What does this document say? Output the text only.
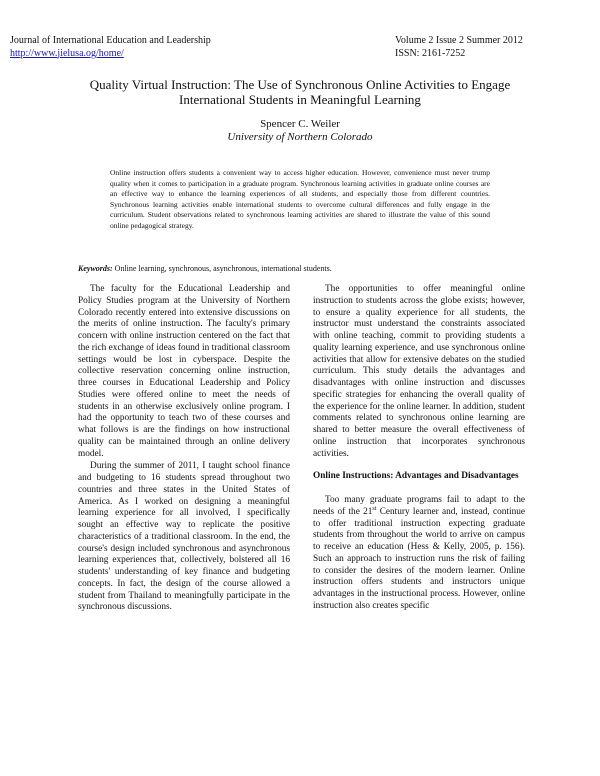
Journal of International Education and Leadership
http://www.jielusa.og/home/
Volume 2 Issue 2 Summer 2012
ISSN: 2161-7252
Quality Virtual Instruction: The Use of Synchronous Online Activities to Engage
International Students in Meaningful Learning
Spencer C. Weiler
University of Northern Colorado
Online instruction offers students a convenient way to access higher education. However, convenience must never trump quality when it comes to participation in a graduate program. Synchronous learning activities in graduate online courses are an effective way to enhance the learning experiences of all students, and especially those from different countries. Synchronous learning activities enable international students to overcome cultural differences and fully engage in the curriculum. Student observations related to synchronous learning activities are shared to illustrate the value of this sound online pedagogical strategy.
Keywords: Online learning, synchronous, asynchronous, international students.

The faculty for the Educational Leadership and Policy Studies program at the University of Northern Colorado recently entered into extensive discussions on the merits of online instruction. The faculty's primary concern with online instruction centered on the fact that the rich exchange of ideas found in traditional classroom settings would be lost in cyberspace. Despite the collective reservation concerning online instruction, three courses in Educational Leadership and Policy Studies were offered online to meet the needs of students in an otherwise exclusively online program. I had the opportunity to teach two of these courses and what follows is are the findings on how instructional quality can be maintained through an online delivery model.

During the summer of 2011, I taught school finance and budgeting to 16 students spread throughout two countries and three states in the United States of America. As I worked on designing a meaningful learning experience for all involved, I specifically sought an effective way to replicate the positive characteristics of a traditional classroom. In the end, the course's design included synchronous and asynchronous learning experiences that, collectively, bolstered all 16 students' understanding of key finance and budgeting concepts. In fact, the design of the course allowed a student from Thailand to meaningfully participate in the synchronous discussions.

The opportunities to offer meaningful online instruction to students across the globe exists; however, to ensure a quality experience for all students, the instructor must understand the constraints associated with online teaching, commit to providing students a quality learning experience, and use synchronous online activities that allow for extensive debates on the studied curriculum. This study details the advantages and disadvantages with online instruction and discusses specific strategies for enhancing the overall quality of the experience for the online learner. In addition, student comments related to synchronous online learning are shared to better measure the overall effectiveness of online instruction that incorporates synchronous activities.

Online Instructions: Advantages and Disadvantages

Too many graduate programs fail to adapt to the needs of the 21st Century learner and, instead, continue to offer traditional instruction expecting graduate students from throughout the world to arrive on campus to receive an education (Hess & Kelly, 2005, p. 156). Such an approach to instruction runs the risk of failing to consider the desires of the modern learner. Online instruction offers students and instructors unique advantages in the instructional process. However, online instruction also creates specific
